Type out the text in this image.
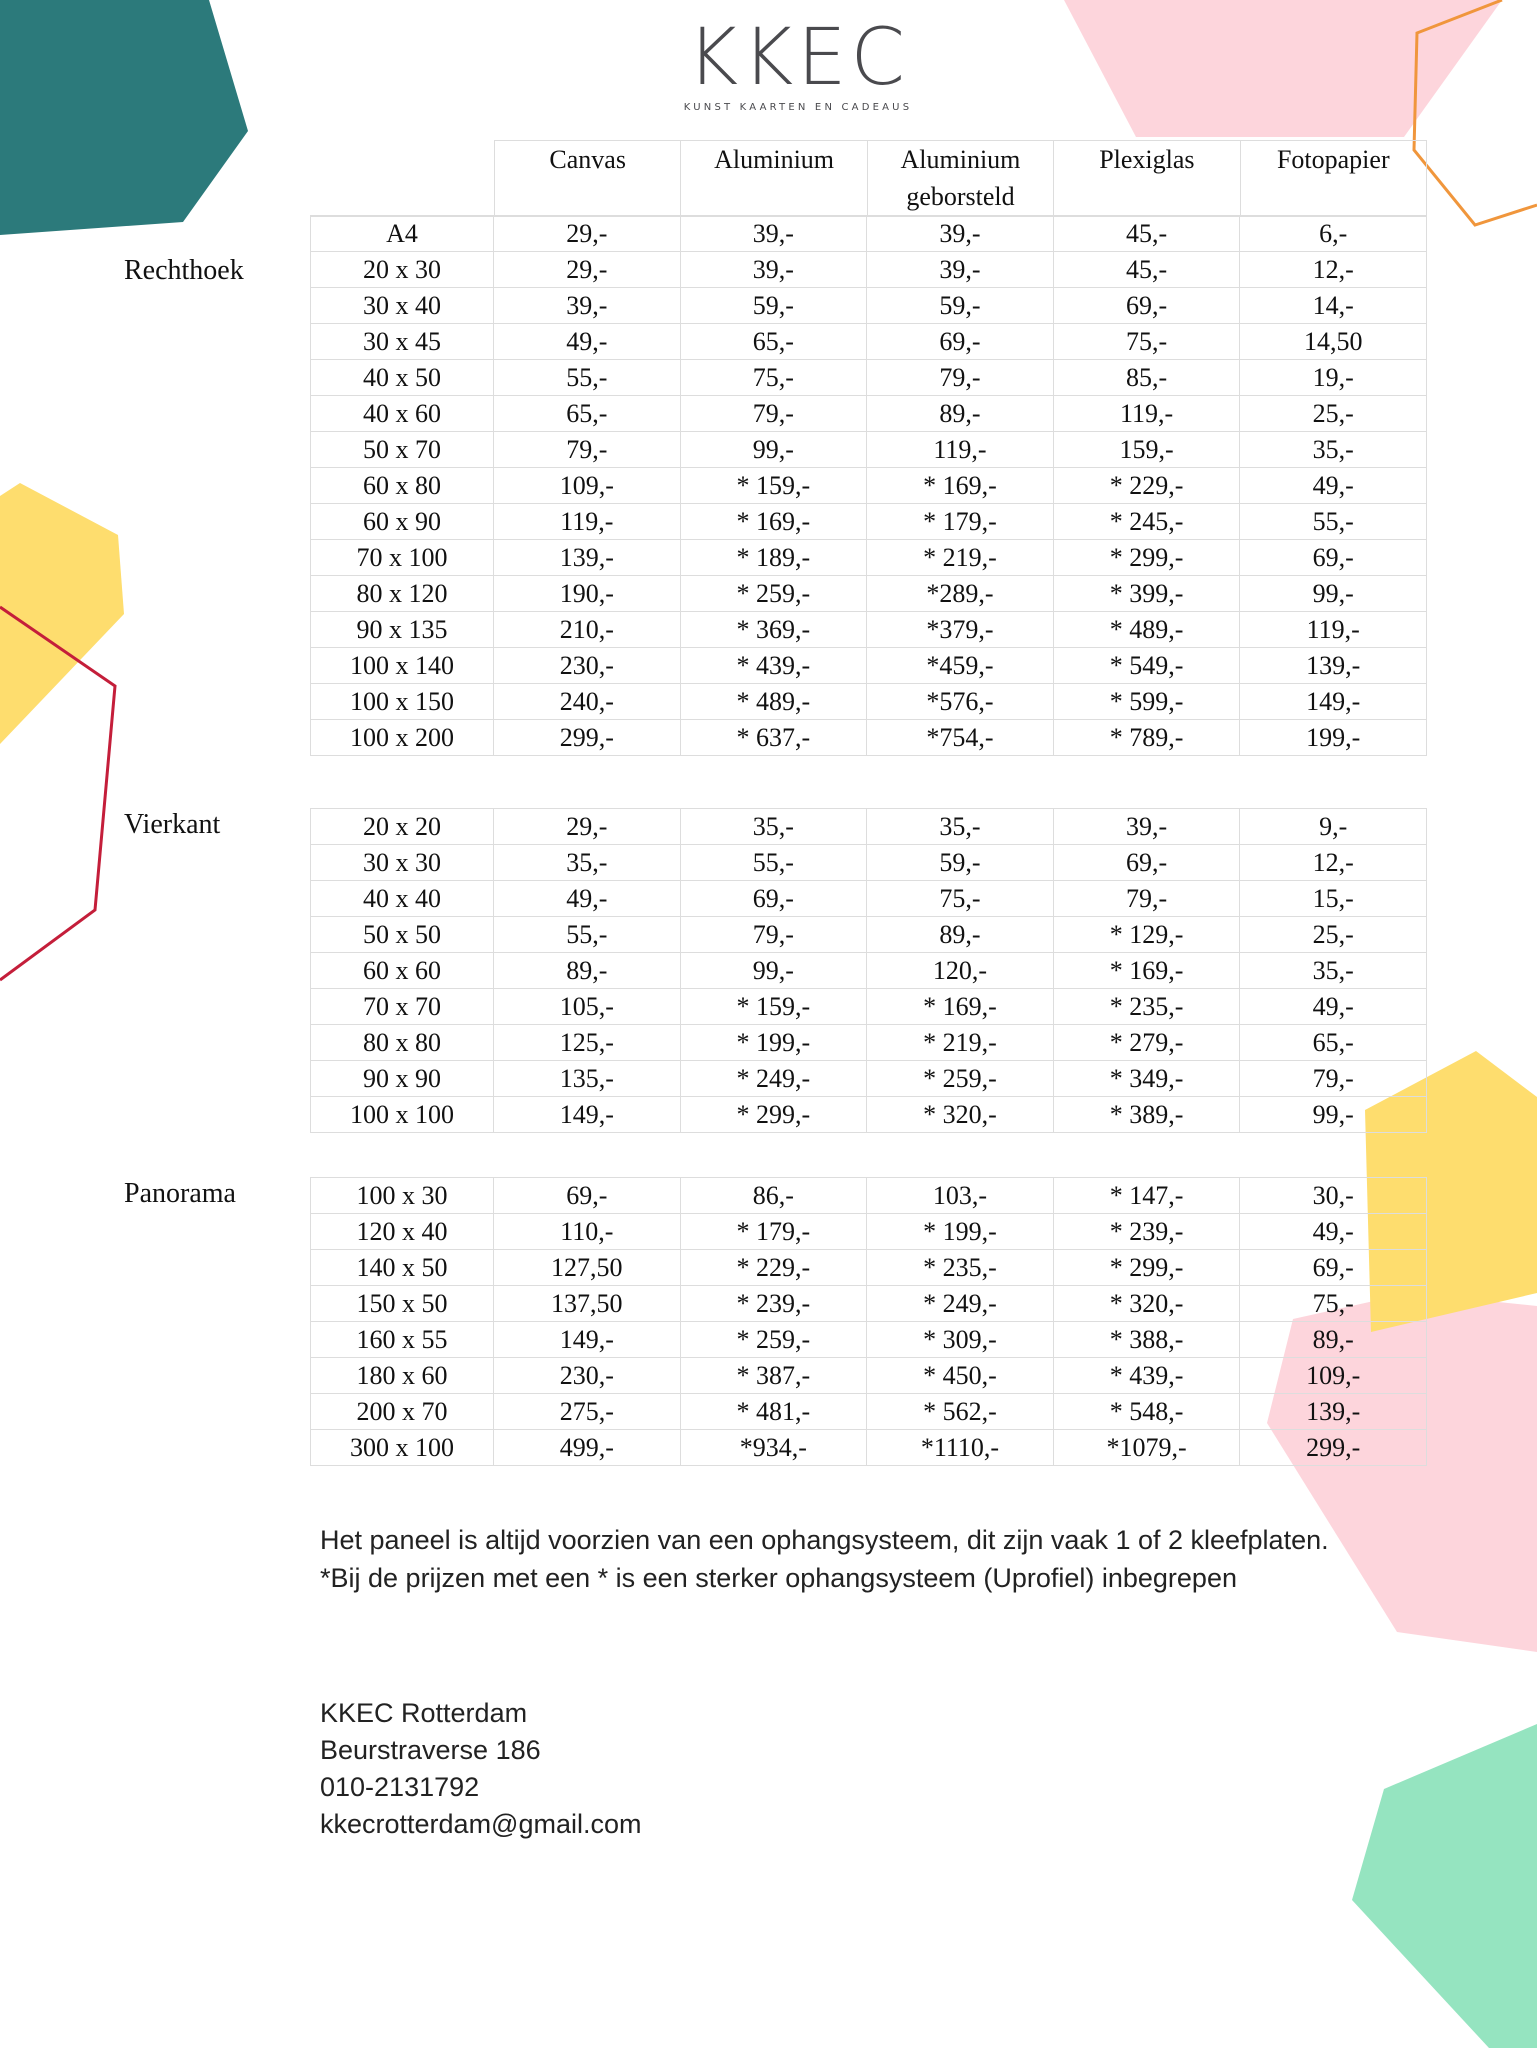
KKEC
KUNST KAARTEN EN CADEAUS
	Canvas	Aluminium	Aluminium geborsteld	Plexiglas	Fotopapier
Rechthoek
A4	29,-	39,-	39,-	45,-	6,-
20 x 30	29,-	39,-	39,-	45,-	12,-
30 x 40	39,-	59,-	59,-	69,-	14,-
30 x 45	49,-	65,-	69,-	75,-	14,50
40 x 50	55,-	75,-	79,-	85,-	19,-
40 x 60	65,-	79,-	89,-	119,-	25,-
50 x 70	79,-	99,-	119,-	159,-	35,-
60 x 80	109,-	* 159,-	* 169,-	* 229,-	49,-
60 x 90	119,-	* 169,-	* 179,-	* 245,-	55,-
70 x 100	139,-	* 189,-	* 219,-	* 299,-	69,-
80 x 120	190,-	* 259,-	*289,-	* 399,-	99,-
90 x 135	210,-	* 369,-	*379,-	* 489,-	119,-
100 x 140	230,-	* 439,-	*459,-	* 549,-	139,-
100 x 150	240,-	* 489,-	*576,-	* 599,-	149,-
100 x 200	299,-	* 637,-	*754,-	* 789,-	199,-
Vierkant	20 x 20	29,-	35,-	35,-	39,-	9,-
30 x 30	35,-	55,-	59,-	69,-	12,-
40 x 40	49,-	69,-	75,-	79,-	15,-
50 x 50	55,-	79,-	89,-	* 129,-	25,-
60 x 60	89,-	99,-	120,-	* 169,-	35,-
70 x 70	105,-	* 159,-	* 169,-	* 235,-	49,-
80 x 80	125,-	* 199,-	* 219,-	* 279,-	65,-
90 x 90	135,-	* 249,-	* 259,-	* 349,-	79,-
100 x 100	149,-	* 299,-	* 320,-	* 389,-	99,-
Panorama	100 x 30	69,-	86,-	103,-	* 147,-	30,-
120 x 40	110,-	* 179,-	* 199,-	* 239,-	49,-
140 x 50	127,50	* 229,-	* 235,-	* 299,-	69,-
150 x 50	137,50	* 239,-	* 249,-	* 320,-	75,-
160 x 55	149,-	* 259,-	* 309,-	* 388,-	89,-
180 x 60	230,-	* 387,-	* 450,-	* 439,-	109,-
200 x 70	275,-	* 481,-	* 562,-	* 548,-	139,-
300 x 100	499,-	*934,-	*1110,-	*1079,-	299,-
Het paneel is altijd voorzien van een ophangsysteem, dit zijn vaak 1 of 2 kleefplaten.
*Bij de prijzen met een * is een sterker ophangsysteem (Uprofiel) inbegrepen
KKEC Rotterdam
Beurstraverse 186
010-2131792
kkecrotterdam@gmail.com
